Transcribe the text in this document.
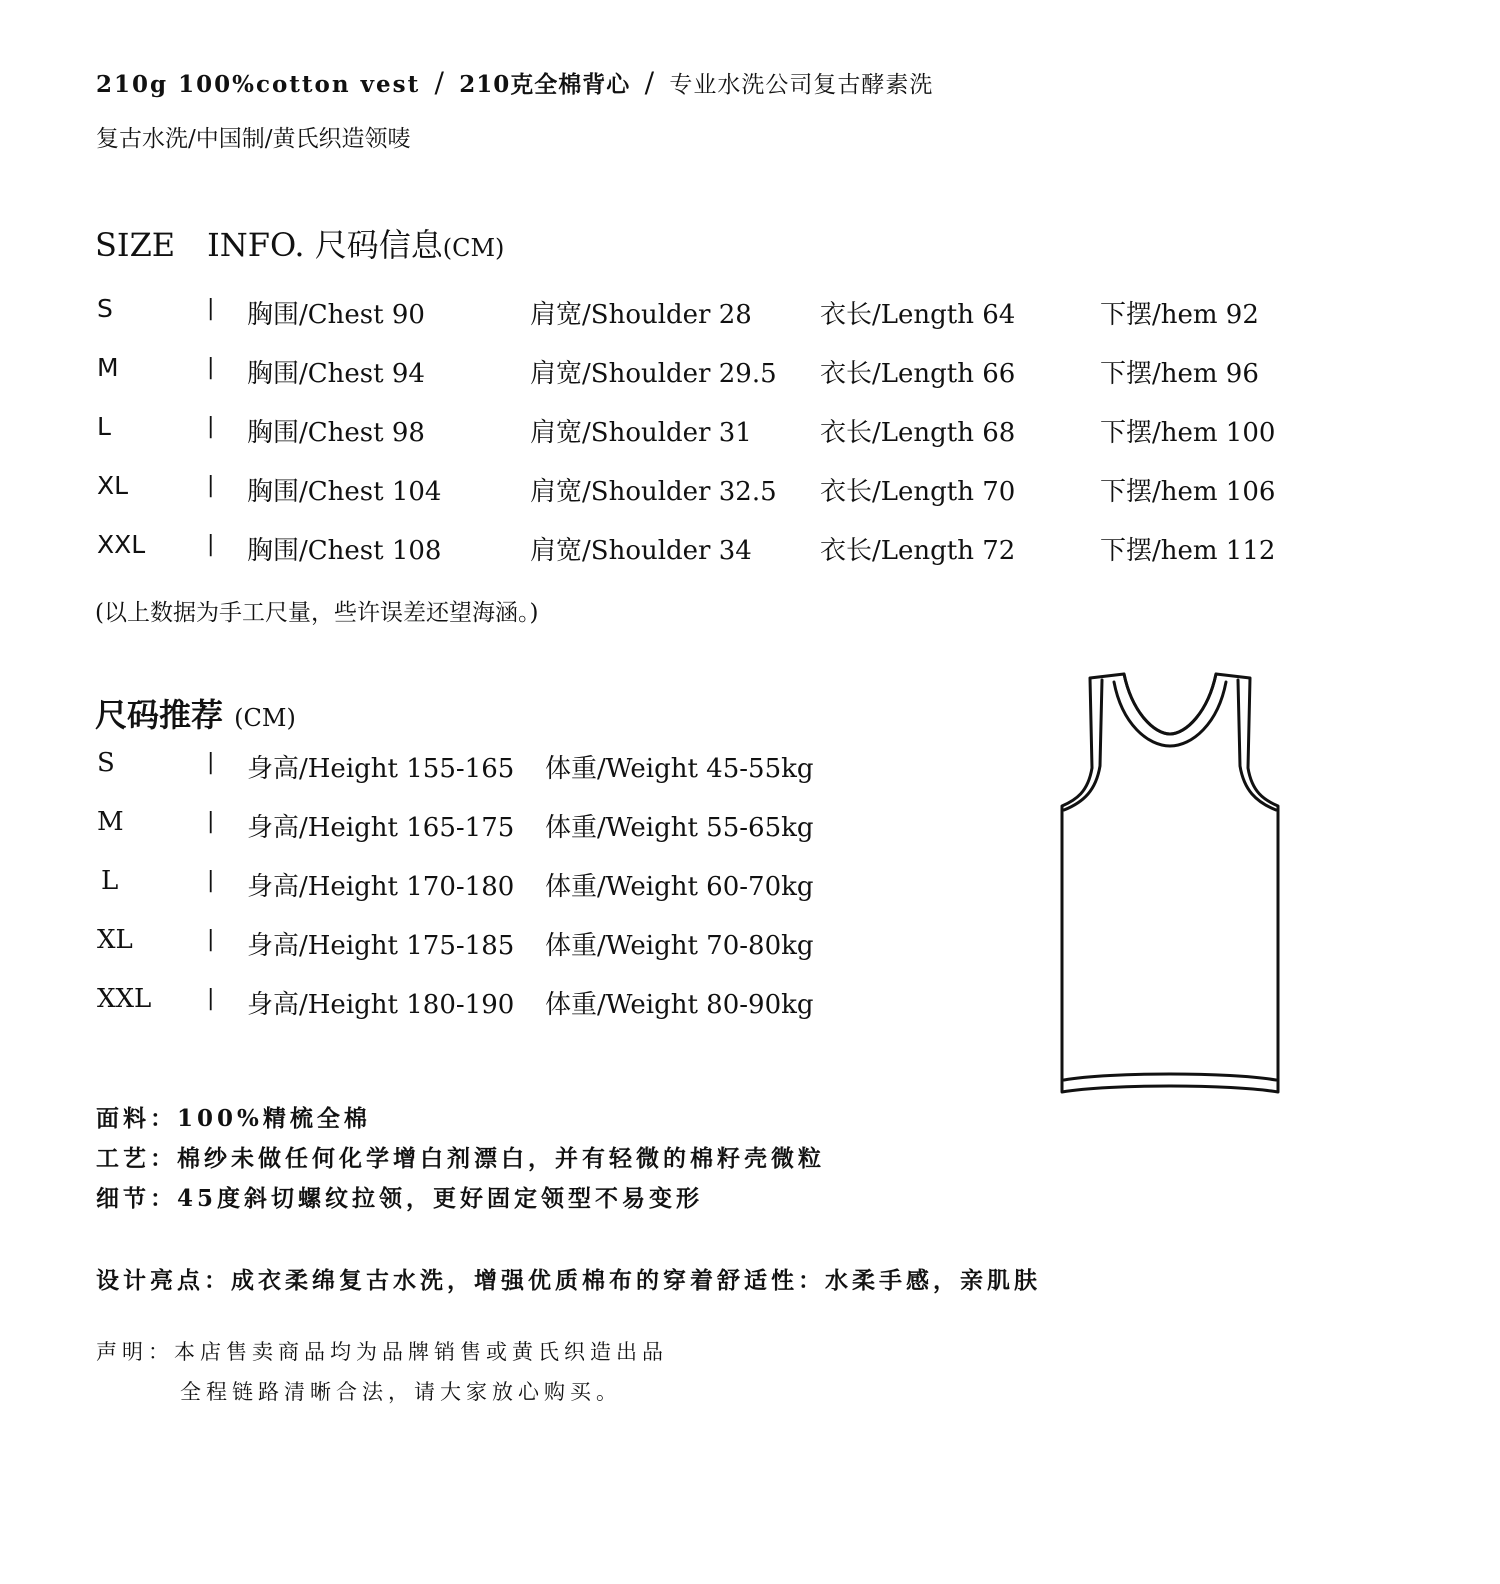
210g 100%cotton vest / 210克全棉背心 / 专业水洗公司复古酵素洗
复古水洗/中国制/黄氏织造领唛
SIZE　INFO. 尺码信息(CM)
S	| 胸围/Chest 90	肩宽/Shoulder 28	衣长/Length 64	下摆/hem 92
M	| 胸围/Chest 94	肩宽/Shoulder 29.5 衣长/Length 66	下摆/hem 96
L	| 胸围/Chest 98	肩宽/Shoulder 31	衣长/Length 68	下摆/hem 100
XL	| 胸围/Chest 104	肩宽/Shoulder 32.5 衣长/Length 70	下摆/hem 106
XXL	| 胸围/Chest 108	肩宽/Shoulder 34	衣长/Length 72	下摆/hem 112
(以上数据为手工尺量，些许误差还望海涵。)
尺码推荐 (CM)
S	| 身高/Height 155-165 体重/Weight 45-55kg
M	| 身高/Height 165-175 体重/Weight 55-65kg
L	| 身高/Height 170-180 体重/Weight 60-70kg
XL	| 身高/Height 175-185 体重/Weight 70-80kg
XXL	| 身高/Height 180-190 体重/Weight 80-90kg
面料：100%精梳全棉
工艺：棉纱未做任何化学增白剂漂白，并有轻微的棉籽壳微粒
细节：45度斜切螺纹拉领，更好固定领型不易变形
设计亮点：成衣柔绵复古水洗，增强优质棉布的穿着舒适性：水柔手感，亲肌肤
声明：本店售卖商品均为品牌销售或黄氏织造出品
全程链路清晰合法，请大家放心购买。
